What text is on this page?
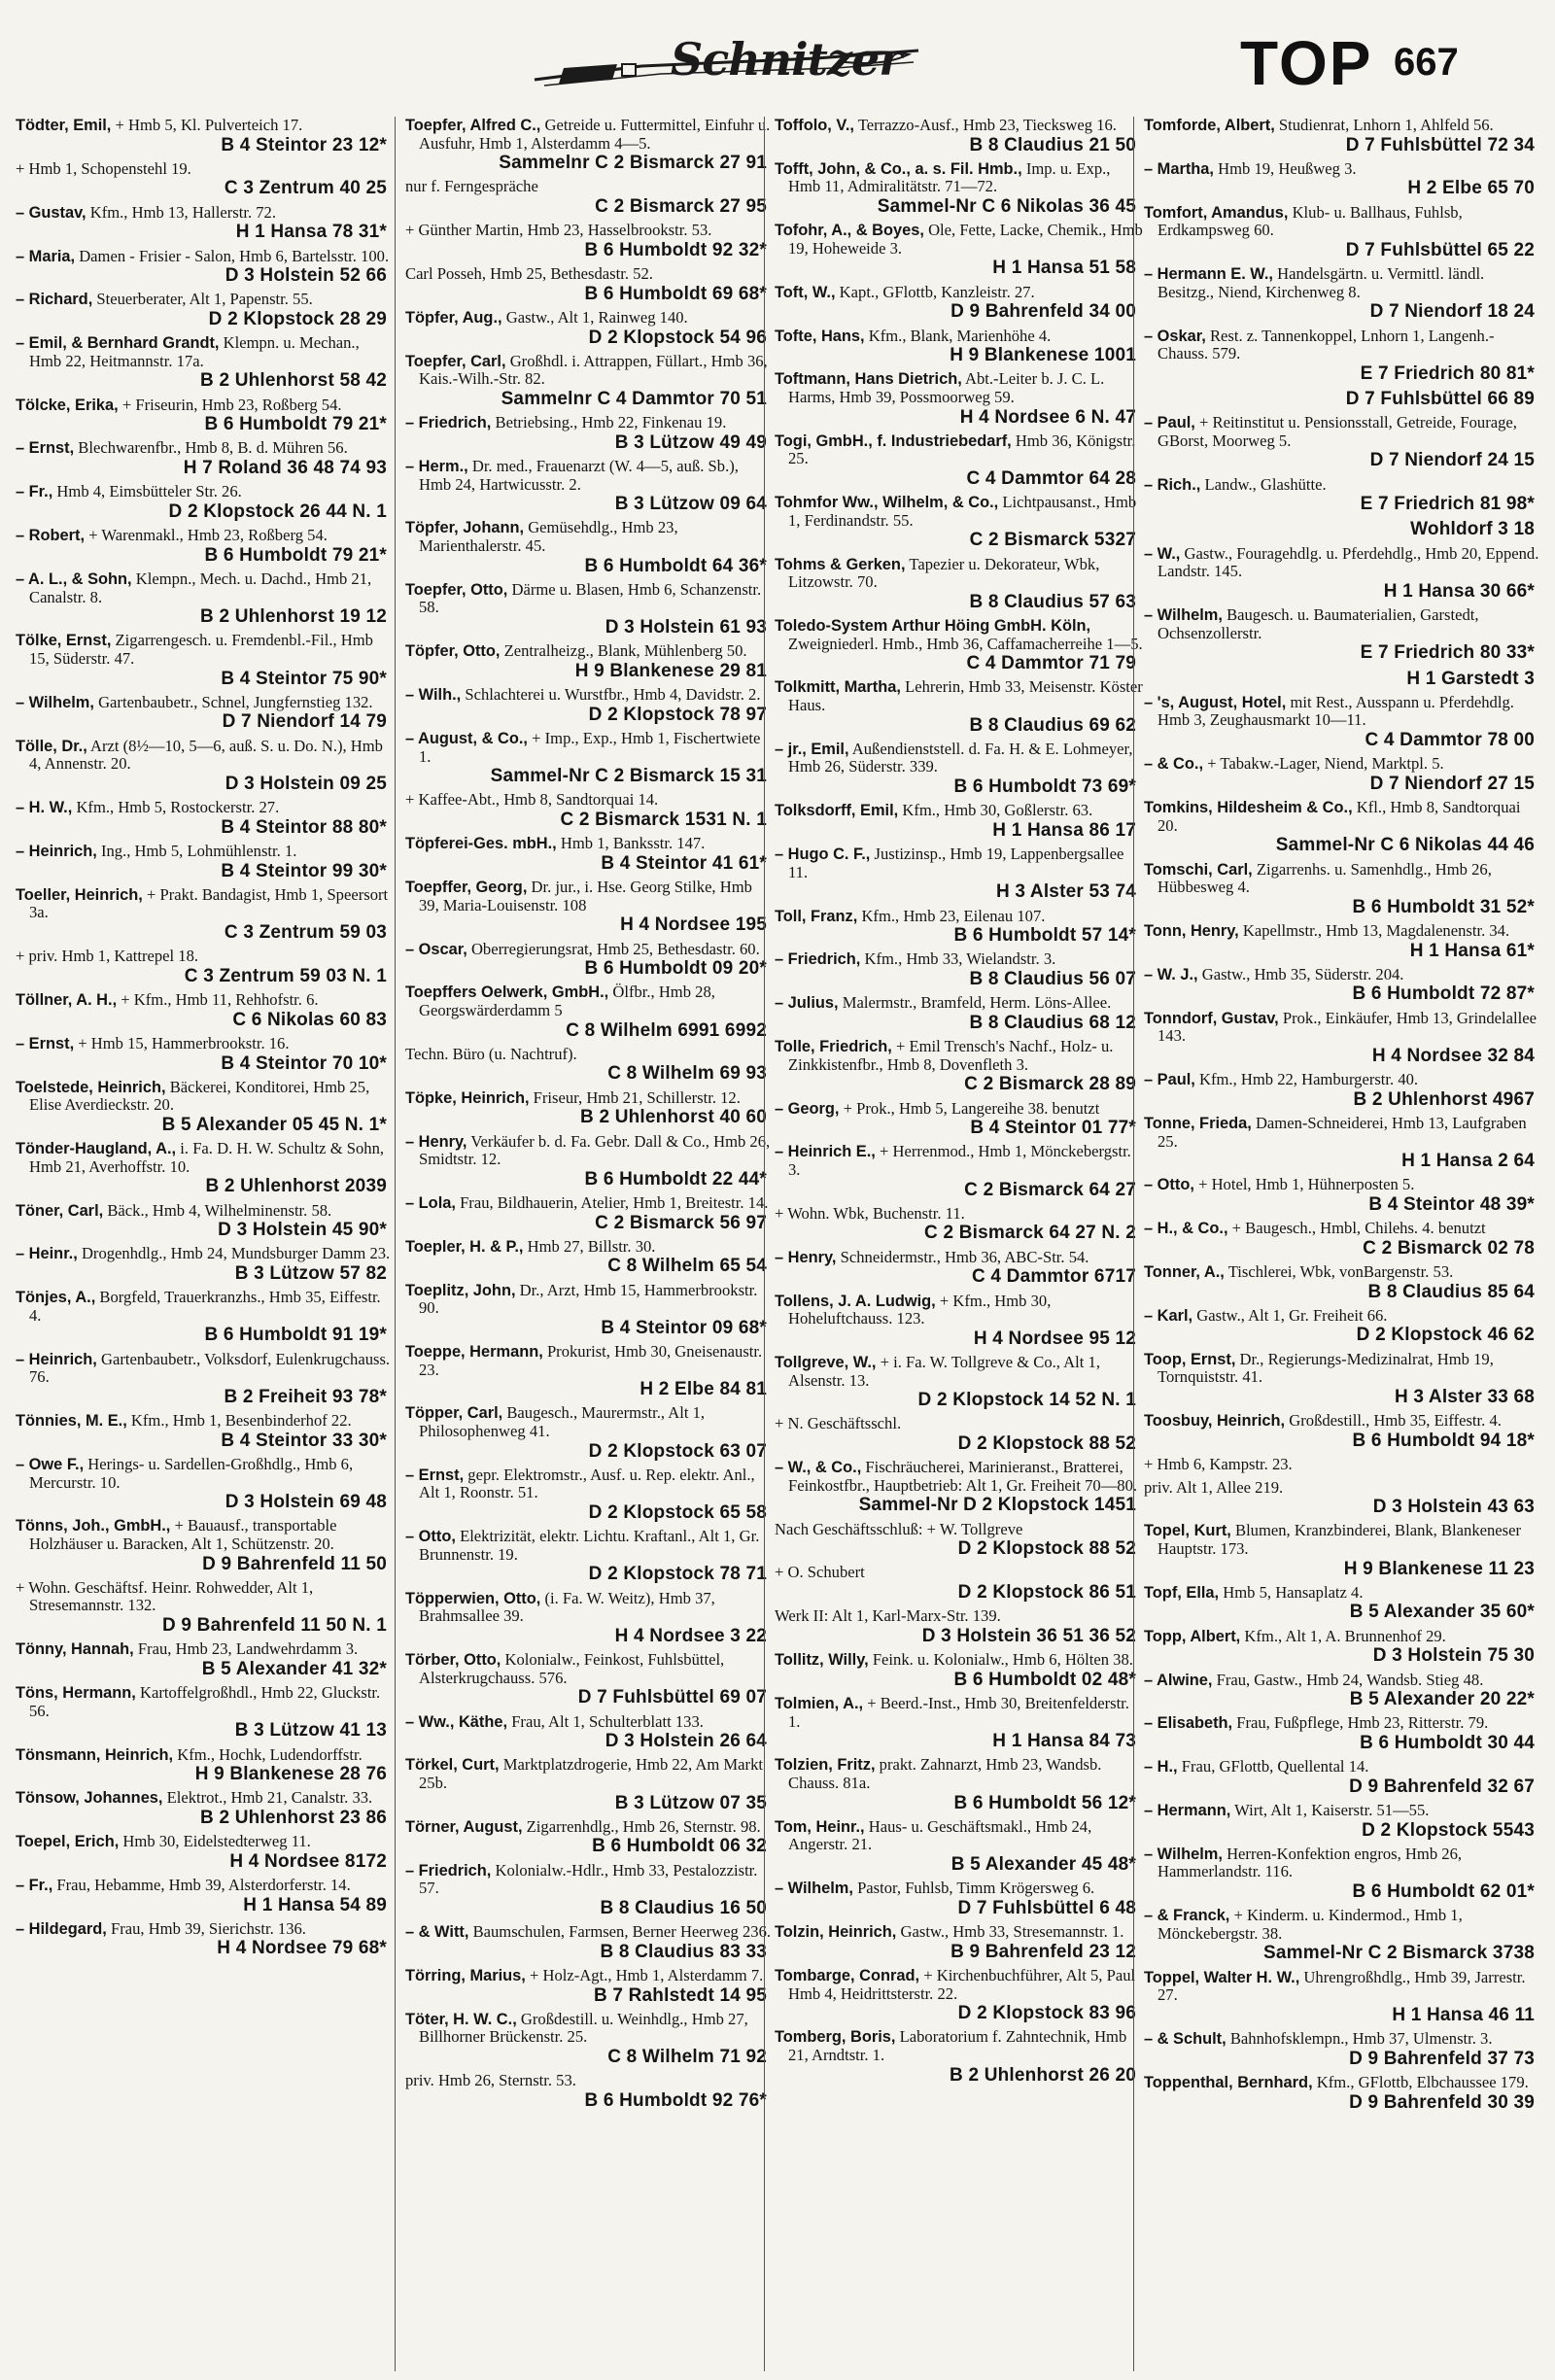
Schnitzer	TOP 667
Tödter, Emil, + Hmb 5, Kl. Pulverteich 17.
B 4 Steintor 23 12*
+ Hmb 1, Schopenstehl 19.
C 3 Zentrum 40 25
– Gustav, Kfm., Hmb 13, Hallerstr. 72.
H 1 Hansa 78 31*
– Maria, Damen - Frisier - Salon, Hmb 6, Bartelsstr. 100.
D 3 Holstein 52 66
– Richard, Steuerberater, Alt 1, Papenstr. 55.
D 2 Klopstock 28 29
– Emil, & Bernhard Grandt, Klempn. u. Mechan., Hmb 22, Heitmannstr. 17a.
B 2 Uhlenhorst 58 42
Tölcke, Erika, + Friseurin, Hmb 23, Roßberg 54.
B 6 Humboldt 79 21*
– Ernst, Blechwarenfbr., Hmb 8, B. d. Mühren 56.
H 7 Roland 36 48 74 93
– Fr., Hmb 4, Eimsbütteler Str. 26.
D 2 Klopstock 26 44 N. 1
– Robert, + Warenmakl., Hmb 23, Roßberg 54.
B 6 Humboldt 79 21*
– A. L., & Sohn, Klempn., Mech. u. Dachd., Hmb 21, Canalstr. 8.
B 2 Uhlenhorst 19 12
Tölke, Ernst, Zigarrengesch. u. Fremdenbl.-Fil., Hmb 15, Süderstr. 47.
B 4 Steintor 75 90*
– Wilhelm, Gartenbaubetr., Schnel, Jungfernstieg 132.
D 7 Niendorf 14 79
Tölle, Dr., Arzt (8½—10, 5—6, auß. S. u. Do. N.), Hmb 4, Annenstr. 20.
D 3 Holstein 09 25
– H. W., Kfm., Hmb 5, Rostockerstr. 27.
B 4 Steintor 88 80*
– Heinrich, Ing., Hmb 5, Lohmühlenstr. 1.
B 4 Steintor 99 30*
Toeller, Heinrich, + Prakt. Bandagist, Hmb 1, Speersort 3a.
C 3 Zentrum 59 03
+ priv. Hmb 1, Kattrepel 18.
C 3 Zentrum 59 03 N. 1
Töllner, A. H., + Kfm., Hmb 11, Rehhofstr. 6.
C 6 Nikolas 60 83
– Ernst, + Hmb 15, Hammerbrookstr. 16.
B 4 Steintor 70 10*
Toelstede, Heinrich, Bäckerei, Konditorei, Hmb 25, Elise Averdieckstr. 20.
B 5 Alexander 05 45 N. 1*
Tönder-Haugland, A., i. Fa. D. H. W. Schultz & Sohn, Hmb 21, Averhoffstr. 10.
B 2 Uhlenhorst 2039
Töner, Carl, Bäck., Hmb 4, Wilhelminenstr. 58.
D 3 Holstein 45 90*
– Heinr., Drogenhdlg., Hmb 24, Mundsburger Damm 23.
B 3 Lützow 57 82
Tönjes, A., Borgfeld, Trauerkranzhs., Hmb 35, Eiffestr. 4.
B 6 Humboldt 91 19*
– Heinrich, Gartenbaubetr., Volksdorf, Eulenkrugchauss. 76.
B 2 Freiheit 93 78*
Tönnies, M. E., Kfm., Hmb 1, Besenbinderhof 22.
B 4 Steintor 33 30*
– Owe F., Herings- u. Sardellen-Großhdlg., Hmb 6, Mercurstr. 10.
D 3 Holstein 69 48
Tönns, Joh., GmbH., + Bauausf., transportable Holzhäuser u. Baracken, Alt 1, Schützenstr. 20.
D 9 Bahrenfeld 11 50
+ Wohn. Geschäftsf. Heinr. Rohwedder, Alt 1, Stresemannstr. 132.
D 9 Bahrenfeld 11 50 N. 1
Tönny, Hannah, Frau, Hmb 23, Landwehrdamm 3.
B 5 Alexander 41 32*
Töns, Hermann, Kartoffelgroßhdl., Hmb 22, Gluckstr. 56.
B 3 Lützow 41 13
Tönsmann, Heinrich, Kfm., Hochk, Ludendorffstr.
H 9 Blankenese 28 76
Tönsow, Johannes, Elektrot., Hmb 21, Canalstr. 33.
B 2 Uhlenhorst 23 86
Toepel, Erich, Hmb 30, Eidelstedterweg 11.
H 4 Nordsee 8172
– Fr., Frau, Hebamme, Hmb 39, Alsterdorferstr. 14.
H 1 Hansa 54 89
– Hildegard, Frau, Hmb 39, Sierichstr. 136.
H 4 Nordsee 79 68*
Toepfer, Alfred C., Getreide u. Futtermittel, Einfuhr u. Ausfuhr, Hmb 1, Alsterdamm 4—5.
Sammelnr C 2 Bismarck 27 91
nur f. Ferngespräche
C 2 Bismarck 27 95
+ Günther Martin, Hmb 23, Hasselbrookstr. 53.
B 6 Humboldt 92 32*
Carl Posseh, Hmb 25, Bethesdastr. 52.
B 6 Humboldt 69 68*
Töpfer, Aug., Gastw., Alt 1, Rainweg 140.
D 2 Klopstock 54 96
Toepfer, Carl, Großhdl. i. Attrappen, Füllart., Hmb 36, Kais.-Wilh.-Str. 82.
Sammelnr C 4 Dammtor 70 51
– Friedrich, Betriebsing., Hmb 22, Finkenau 19.
B 3 Lützow 49 49
– Herm., Dr. med., Frauenarzt (W. 4—5, auß. Sb.), Hmb 24, Hartwicusstr. 2.
B 3 Lützow 09 64
Töpfer, Johann, Gemüsehdlg., Hmb 23, Marienthalerstr. 45.
B 6 Humboldt 64 36*
Toepfer, Otto, Därme u. Blasen, Hmb 6, Schanzenstr. 58.
D 3 Holstein 61 93
Töpfer, Otto, Zentralheizg., Blank, Mühlenberg 50.
H 9 Blankenese 29 81
– Wilh., Schlachterei u. Wurstfbr., Hmb 4, Davidstr. 2.
D 2 Klopstock 78 97
– August, & Co., + Imp., Exp., Hmb 1, Fischertwiete 1.
Sammel-Nr C 2 Bismarck 15 31
+ Kaffee-Abt., Hmb 8, Sandtorquai 14.
C 2 Bismarck 1531 N. 1
Töpferei-Ges. mbH., Hmb 1, Banksstr. 147.
B 4 Steintor 41 61*
Toepffer, Georg, Dr. jur., i. Hse. Georg Stilke, Hmb 39, Maria-Louisenstr. 108
H 4 Nordsee 195
– Oscar, Oberregierungsrat, Hmb 25, Bethesdastr. 60.
B 6 Humboldt 09 20*
Toepffers Oelwerk, GmbH., Ölfbr., Hmb 28, Georgswärderdamm 5
C 8 Wilhelm 6991 6992
Techn. Büro (u. Nachtruf).
C 8 Wilhelm 69 93
Töpke, Heinrich, Friseur, Hmb 21, Schillerstr. 12.
B 2 Uhlenhorst 40 60
– Henry, Verkäufer b. d. Fa. Gebr. Dall & Co., Hmb 26, Smidtstr. 12.
B 6 Humboldt 22 44*
– Lola, Frau, Bildhauerin, Atelier, Hmb 1, Breitestr. 14.
C 2 Bismarck 56 97
Toepler, H. & P., Hmb 27, Billstr. 30.
C 8 Wilhelm 65 54
Toeplitz, John, Dr., Arzt, Hmb 15, Hammerbrookstr. 90.
B 4 Steintor 09 68*
Toeppe, Hermann, Prokurist, Hmb 30, Gneisenaustr. 23.
H 2 Elbe 84 81
Töpper, Carl, Baugesch., Maurermstr., Alt 1, Philosophenweg 41.
D 2 Klopstock 63 07
– Ernst, gepr. Elektromstr., Ausf. u. Rep. elektr. Anl., Alt 1, Roonstr. 51.
D 2 Klopstock 65 58
– Otto, Elektrizität, elektr. Lichtu. Kraftanl., Alt 1, Gr. Brunnenstr. 19.
D 2 Klopstock 78 71
Töpperwien, Otto, (i. Fa. W. Weitz), Hmb 37, Brahmsallee 39.
H 4 Nordsee 3 22
Törber, Otto, Kolonialw., Feinkost, Fuhlsbüttel, Alsterkrugchauss. 576.
D 7 Fuhlsbüttel 69 07
– Ww., Käthe, Frau, Alt 1, Schulterblatt 133.
D 3 Holstein 26 64
Törkel, Curt, Marktplatzdrogerie, Hmb 22, Am Markt 25b.
B 3 Lützow 07 35
Törner, August, Zigarrenhdlg., Hmb 26, Sternstr. 98.
B 6 Humboldt 06 32
– Friedrich, Kolonialw.-Hdlr., Hmb 33, Pestalozzistr. 57.
B 8 Claudius 16 50
– & Witt, Baumschulen, Farmsen, Berner Heerweg 236.
B 8 Claudius 83 33
Törring, Marius, + Holz-Agt., Hmb 1, Alsterdamm 7.
B 7 Rahlstedt 14 95
Töter, H. W. C., Großdestill. u. Weinhdlg., Hmb 27, Billhorner Brückenstr. 25.
C 8 Wilhelm 71 92
priv. Hmb 26, Sternstr. 53.
B 6 Humboldt 92 76*
Toffolo, V., Terrazzo-Ausf., Hmb 23, Tiecksweg 16.
B 8 Claudius 21 50
Tofft, John, & Co., a. s. Fil. Hmb., Imp. u. Exp., Hmb 11, Admiralitätstr. 71—72.
Sammel-Nr C 6 Nikolas 36 45
Tofohr, A., & Boyes, Ole, Fette, Lacke, Chemik., Hmb 19, Hoheweide 3.
H 1 Hansa 51 58
Toft, W., Kapt., GFlottb, Kanzleistr. 27.
D 9 Bahrenfeld 34 00
Tofte, Hans, Kfm., Blank, Marienhöhe 4.
H 9 Blankenese 1001
Toftmann, Hans Dietrich, Abt.-Leiter b. J. C. L. Harms, Hmb 39, Possmoorweg 59.
H 4 Nordsee 6 N. 47
Togi, GmbH., f. Industriebedarf, Hmb 36, Königstr. 25.
C 4 Dammtor 64 28
Tohmfor Ww., Wilhelm, & Co., Lichtpausanst., Hmb 1, Ferdinandstr. 55.
C 2 Bismarck 5327
Tohms & Gerken, Tapezier u. Dekorateur, Wbk, Litzowstr. 70.
B 8 Claudius 57 63
Toledo-System Arthur Höing GmbH. Köln, Zweigniederl. Hmb., Hmb 36, Caffamacherreihe 1—5.
C 4 Dammtor 71 79
Tolkmitt, Martha, Lehrerin, Hmb 33, Meisenstr. Köster Haus.
B 8 Claudius 69 62
– jr., Emil, Außendienststell. d. Fa. H. & E. Lohmeyer, Hmb 26, Süderstr. 339.
B 6 Humboldt 73 69*
Tolksdorff, Emil, Kfm., Hmb 30, Goßlerstr. 63.
H 1 Hansa 86 17
– Hugo C. F., Justizinsp., Hmb 19, Lappenbergsallee 11.
H 3 Alster 53 74
Toll, Franz, Kfm., Hmb 23, Eilenau 107.
B 6 Humboldt 57 14*
– Friedrich, Kfm., Hmb 33, Wielandstr. 3.
B 8 Claudius 56 07
– Julius, Malermstr., Bramfeld, Herm. Löns-Allee.
B 8 Claudius 68 12
Tolle, Friedrich, + Emil Trensch's Nachf., Holz- u. Zinkkistenfbr., Hmb 8, Dovenfleth 3.
C 2 Bismarck 28 89
– Georg, + Prok., Hmb 5, Langereihe 38. benutzt
B 4 Steintor 01 77*
– Heinrich E., + Herrenmod., Hmb 1, Mönckebergstr. 3.
C 2 Bismarck 64 27
+ Wohn. Wbk, Buchenstr. 11.
C 2 Bismarck 64 27 N. 2
– Henry, Schneidermstr., Hmb 36, ABC-Str. 54.
C 4 Dammtor 6717
Tollens, J. A. Ludwig, + Kfm., Hmb 30, Hoheluftchauss. 123.
H 4 Nordsee 95 12
Tollgreve, W., + i. Fa. W. Tollgreve & Co., Alt 1, Alsenstr. 13.
D 2 Klopstock 14 52 N. 1
+ N. Geschäftsschl.
D 2 Klopstock 88 52
– W., & Co., Fischräucherei, Marinieranst., Bratterei, Feinkostfbr., Hauptbetrieb: Alt 1, Gr. Freiheit 70—80.
Sammel-Nr D 2 Klopstock 1451
Nach Geschäftsschluß: + W. Tollgreve
D 2 Klopstock 88 52
+ O. Schubert
D 2 Klopstock 86 51
Werk II: Alt 1, Karl-Marx-Str. 139.
D 3 Holstein 36 51 36 52
Tollitz, Willy, Feink. u. Kolonialw., Hmb 6, Hölten 38.
B 6 Humboldt 02 48*
Tolmien, A., + Beerd.-Inst., Hmb 30, Breitenfelderstr. 1.
H 1 Hansa 84 73
Tolzien, Fritz, prakt. Zahnarzt, Hmb 23, Wandsb. Chauss. 81a.
B 6 Humboldt 56 12*
Tom, Heinr., Haus- u. Geschäftsmakl., Hmb 24, Angerstr. 21.
B 5 Alexander 45 48*
– Wilhelm, Pastor, Fuhlsb, Timm Krögersweg 6.
D 7 Fuhlsbüttel 6 48
Tolzin, Heinrich, Gastw., Hmb 33, Stresemannstr. 1.
B 9 Bahrenfeld 23 12
Tombarge, Conrad, + Kirchenbuchführer, Alt 5, Paul Hmb 4, Heidrittsterstr. 22.
D 2 Klopstock 83 96
Tomberg, Boris, Laboratorium f. Zahntechnik, Hmb 21, Arndtstr. 1.
B 2 Uhlenhorst 26 20
Tomforde, Albert, Studienrat, Lnhorn 1, Ahlfeld 56.
D 7 Fuhlsbüttel 72 34
– Martha, Hmb 19, Heußweg 3.
H 2 Elbe 65 70
Tomfort, Amandus, Klub- u. Ballhaus, Fuhlsb, Erdkampsweg 60.
D 7 Fuhlsbüttel 65 22
– Hermann E. W., Handelsgärtn. u. Vermittl. ländl. Besitzg., Niend, Kirchenweg 8.
D 7 Niendorf 18 24
– Oskar, Rest. z. Tannenkoppel, Lnhorn 1, Langenh.-Chauss. 579.
E 7 Friedrich 80 81*
D 7 Fuhlsbüttel 66 89
– Paul, + Reitinstitut u. Pensionsstall, Getreide, Fourage, GBorst, Moorweg 5.
D 7 Niendorf 24 15
– Rich., Landw., Glashütte.
E 7 Friedrich 81 98*
Wohldorf 3 18
– W., Gastw., Fouragehdlg. u. Pferdehdlg., Hmb 20, Eppend. Landstr. 145.
H 1 Hansa 30 66*
– Wilhelm, Baugesch. u. Baumaterialien, Garstedt, Ochsenzollerstr.
E 7 Friedrich 80 33*
H 1 Garstedt 3
– 's, August, Hotel, mit Rest., Ausspann u. Pferdehdlg. Hmb 3, Zeughausmarkt 10—11.
C 4 Dammtor 78 00
– & Co., + Tabakw.-Lager, Niend, Marktpl. 5.
D 7 Niendorf 27 15
Tomkins, Hildesheim & Co., Kfl., Hmb 8, Sandtorquai 20.
Sammel-Nr C 6 Nikolas 44 46
Tomschi, Carl, Zigarrenhs. u. Samenhdlg., Hmb 26, Hübbesweg 4.
B 6 Humboldt 31 52*
Tonn, Henry, Kapellmstr., Hmb 13, Magdalenenstr. 34.
H 1 Hansa 61*
– W. J., Gastw., Hmb 35, Süderstr. 204.
B 6 Humboldt 72 87*
Tonndorf, Gustav, Prok., Einkäufer, Hmb 13, Grindelallee 143.
H 4 Nordsee 32 84
– Paul, Kfm., Hmb 22, Hamburgerstr. 40.
B 2 Uhlenhorst 4967
Tonne, Frieda, Damen-Schneiderei, Hmb 13, Laufgraben 25.
H 1 Hansa 2 64
– Otto, + Hotel, Hmb 1, Hühnerposten 5.
B 4 Steintor 48 39*
– H., & Co., + Baugesch., Hmbl, Chilehs. 4. benutzt
C 2 Bismarck 02 78
Tonner, A., Tischlerei, Wbk, vonBargenstr. 53.
B 8 Claudius 85 64
– Karl, Gastw., Alt 1, Gr. Freiheit 66.
D 2 Klopstock 46 62
Toop, Ernst, Dr., Regierungs-Medizinalrat, Hmb 19, Tornquiststr. 41.
H 3 Alster 33 68
Toosbuy, Heinrich, Großdestill., Hmb 35, Eiffestr. 4.
B 6 Humboldt 94 18*
+ Hmb 6, Kampstr. 23.
priv. Alt 1, Allee 219.
D 3 Holstein 43 63
Topel, Kurt, Blumen, Kranzbinderei, Blank, Blankeneser Hauptstr. 173.
H 9 Blankenese 11 23
Topf, Ella, Hmb 5, Hansaplatz 4.
B 5 Alexander 35 60*
Topp, Albert, Kfm., Alt 1, A. Brunnenhof 29.
D 3 Holstein 75 30
– Alwine, Frau, Gastw., Hmb 24, Wandsb. Stieg 48.
B 5 Alexander 20 22*
– Elisabeth, Frau, Fußpflege, Hmb 23, Ritterstr. 79.
B 6 Humboldt 30 44
– H., Frau, GFlottb, Quellental 14.
D 9 Bahrenfeld 32 67
– Hermann, Wirt, Alt 1, Kaiserstr. 51—55.
D 2 Klopstock 5543
– Wilhelm, Herren-Konfektion engros, Hmb 26, Hammerlandstr. 116.
B 6 Humboldt 62 01*
– & Franck, + Kinderm. u. Kindermod., Hmb 1, Mönckebergstr. 38.
Sammel-Nr C 2 Bismarck 3738
Toppel, Walter H. W., Uhrengroßhdlg., Hmb 39, Jarrestr. 27.
H 1 Hansa 46 11
– & Schult, Bahnhofsklempn., Hmb 37, Ulmenstr. 3.
D 9 Bahrenfeld 37 73
Toppenthal, Bernhard, Kfm., GFlottb, Elbchaussee 179.
D 9 Bahrenfeld 30 39
